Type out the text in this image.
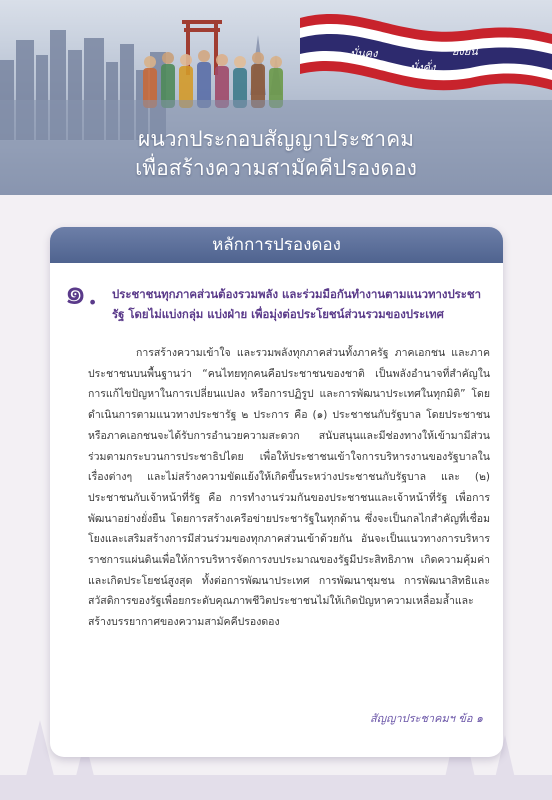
มั่นคง
มั่งคั่ง
ยั่งยืน
ผนวกประกอบสัญญาประชาคม
เพื่อสร้างความสามัคคีปรองดอง
หลักการปรองดอง
๑. ประชาชนทุกภาคส่วนต้องรวมพลัง และร่วมมือกันทำงานตามแนวทางประชารัฐ โดยไม่แบ่งกลุ่ม แบ่งฝ่าย เพื่อมุ่งต่อประโยชน์ส่วนรวมของประเทศ

การสร้างความเข้าใจ และรวมพลังทุกภาคส่วนทั้งภาครัฐ ภาคเอกชน และภาคประชาชนบนพื้นฐานว่า “คนไทยทุกคนคือประชาชนของชาติ เป็นพลังอำนาจที่สำคัญในการแก้ไขปัญหาในการเปลี่ยนแปลง หรือการปฏิรูป และการพัฒนาประเทศในทุกมิติ” โดยดำเนินการตามแนวทางประชารัฐ ๒ ประการ คือ (๑) ประชาชนกับรัฐบาล โดยประชาชนหรือภาคเอกชนจะได้รับการอำนวยความสะดวก สนับสนุนและมีช่องทางให้เข้ามามีส่วนร่วมตามกระบวนการประชาธิปไตย เพื่อให้ประชาชนเข้าใจการบริหารงานของรัฐบาลในเรื่องต่างๆ และไม่สร้างความขัดแย้งให้เกิดขึ้นระหว่างประชาชนกับรัฐบาล และ (๒) ประชาชนกับเจ้าหน้าที่รัฐ คือ การทำงานร่วมกันของประชาชนและเจ้าหน้าที่รัฐ เพื่อการพัฒนาอย่างยั่งยืน โดยการสร้างเครือข่ายประชารัฐในทุกด้าน ซึ่งจะเป็นกลไกสำคัญที่เชื่อมโยงและเสริมสร้างการมีส่วนร่วมของทุกภาคส่วนเข้าด้วยกัน อันจะเป็นแนวทางการบริหารราชการแผ่นดินเพื่อให้การบริหารจัดการงบประมาณของรัฐมีประสิทธิภาพ เกิดความคุ้มค่า และเกิดประโยชน์สูงสุด ทั้งต่อการพัฒนาประเทศ การพัฒนาชุมชน การพัฒนาสิทธิและสวัสดิการของรัฐเพื่อยกระดับคุณภาพชีวิตประชาชนไม่ให้เกิดปัญหาความเหลื่อมล้ำและสร้างบรรยากาศของความสามัคคีปรองดอง

สัญญาประชาคมฯ ข้อ ๑
